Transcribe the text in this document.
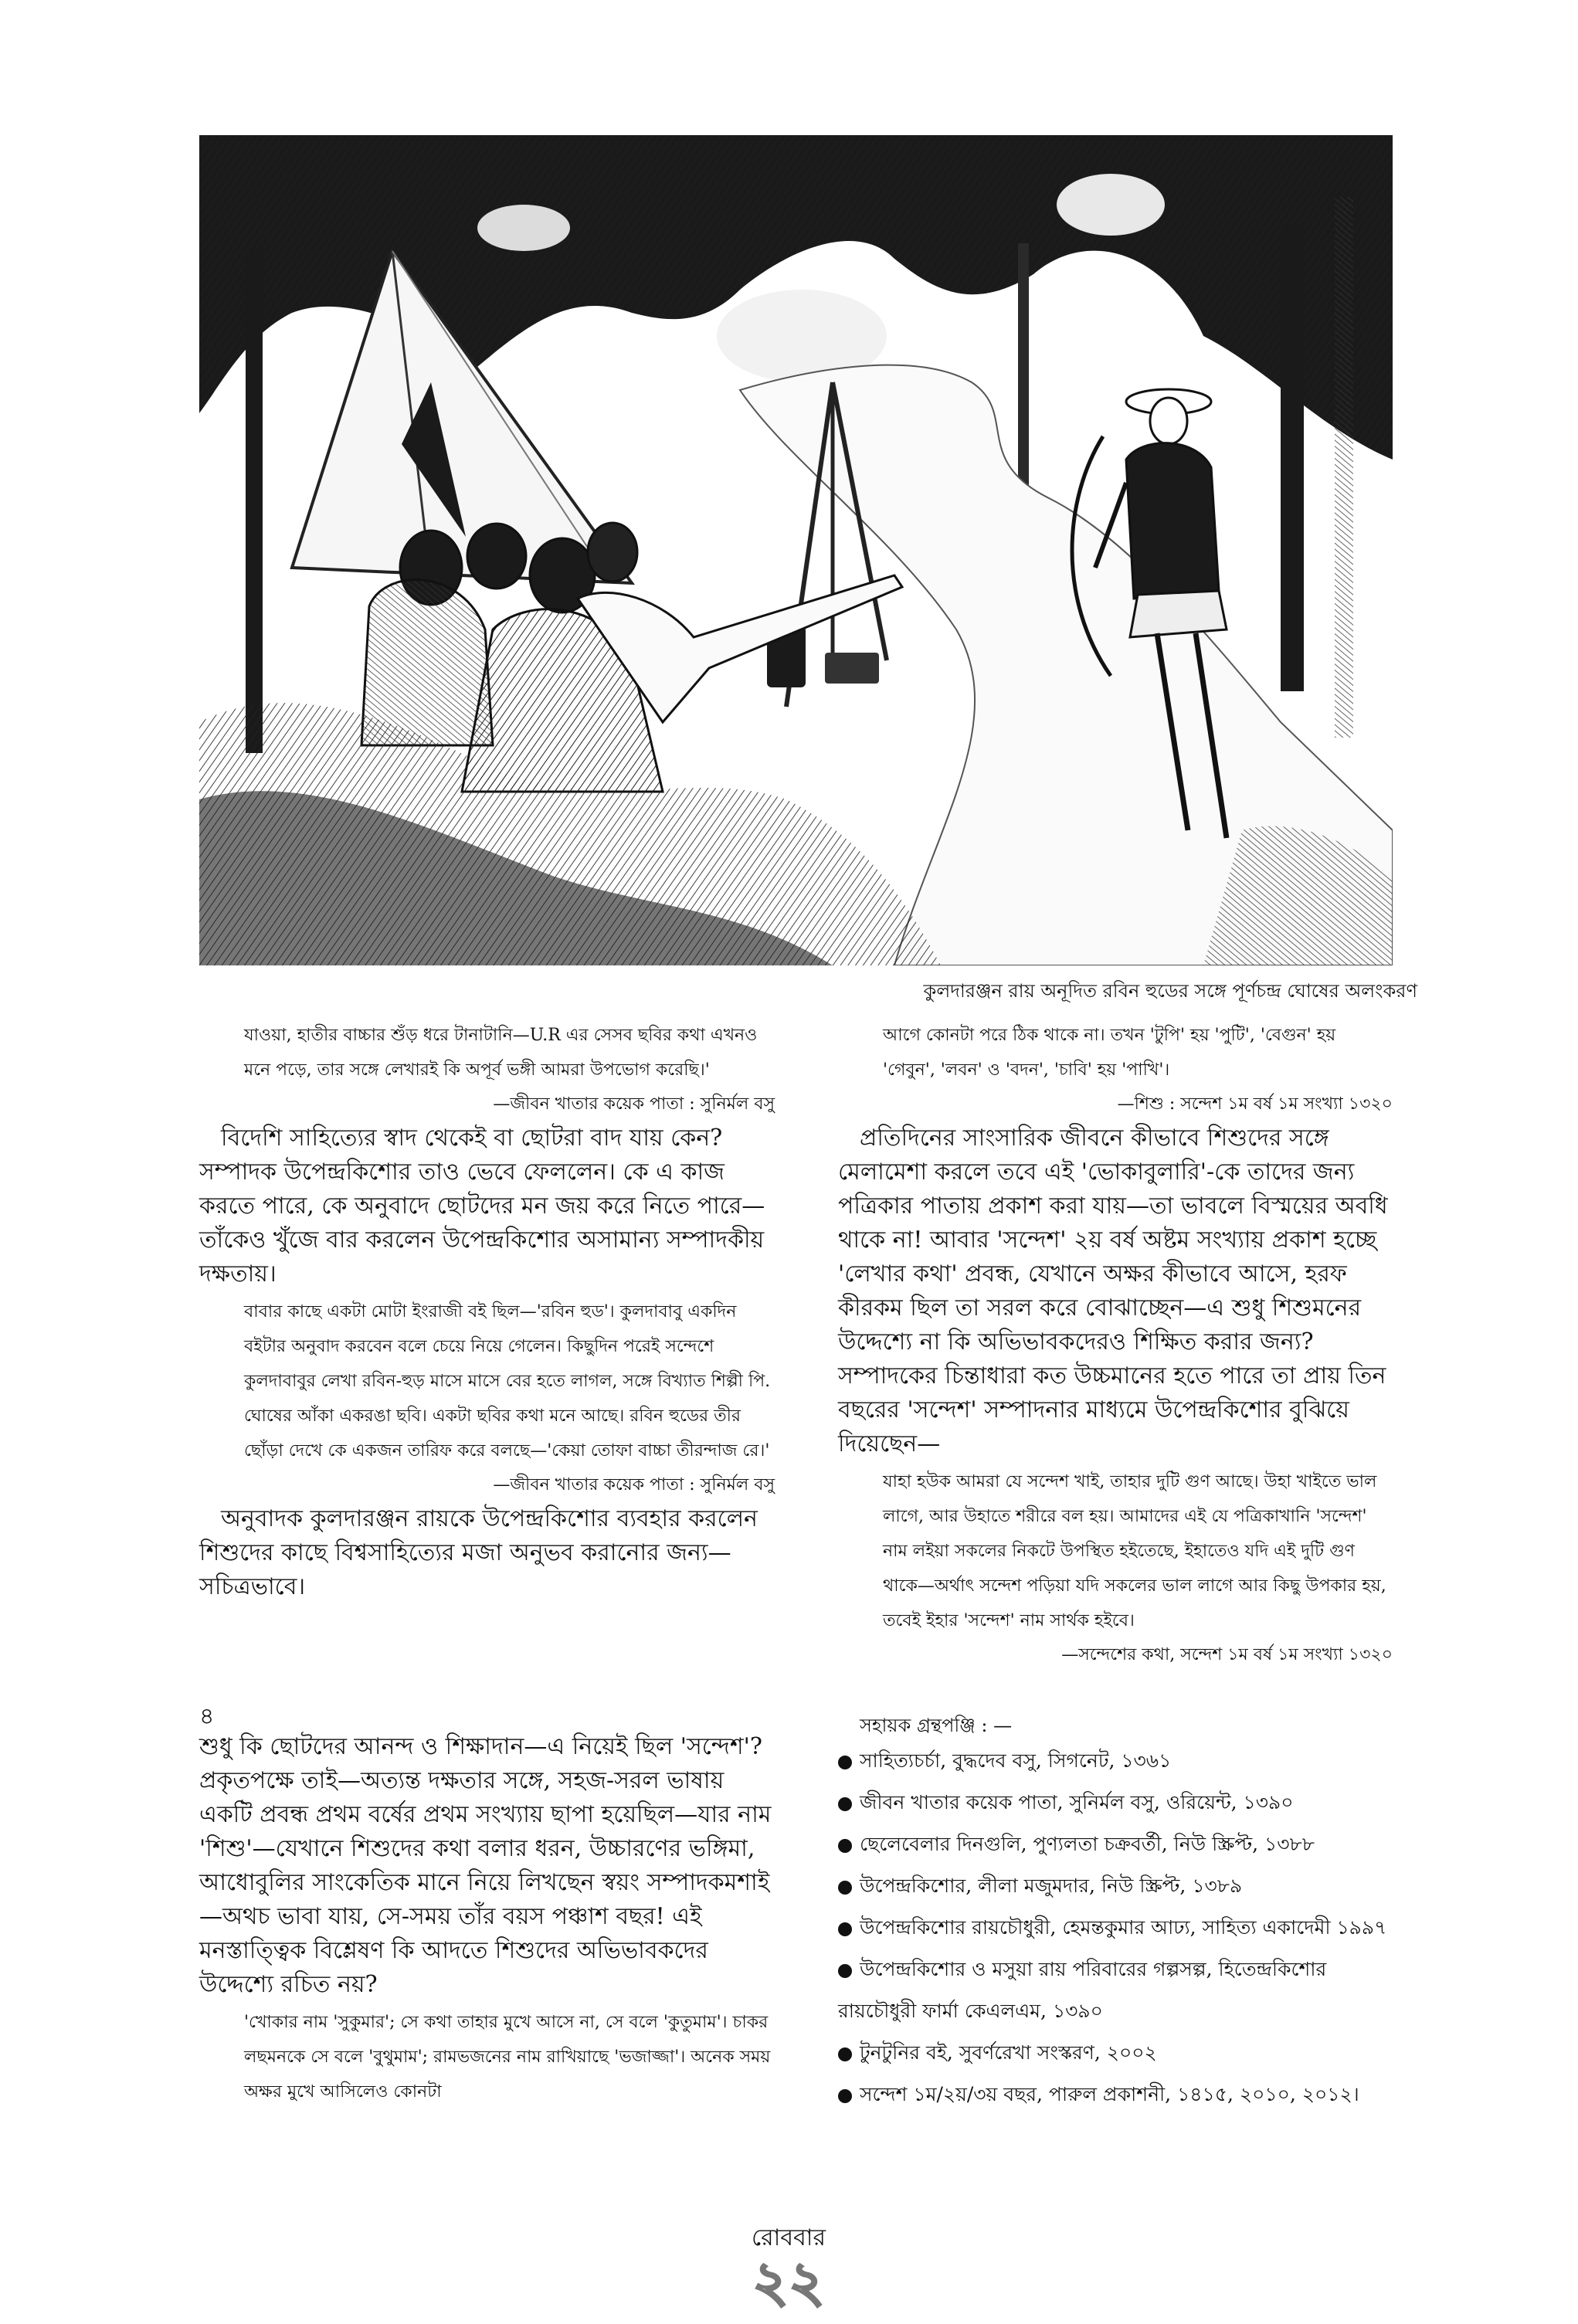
কুলদারঞ্জন রায় অনূদিত রবিন হুডের সঙ্গে পূর্ণচন্দ্র ঘোষের অলংকরণ

যাওয়া, হাতীর বাচ্চার শুঁড় ধরে টানাটানি—U.R এর সেসব ছবির কথা এখনও মনে পড়ে, তার সঙ্গে লেখারই কি অপূর্ব ভঙ্গী আমরা উপভোগ করেছি।'

—জীবন খাতার কয়েক পাতা : সুনির্মল বসু

বিদেশি সাহিত্যের স্বাদ থেকেই বা ছোটরা বাদ যায় কেন? সম্পাদক উপেন্দ্রকিশোর তাও ভেবে ফেললেন। কে এ কাজ করতে পারে, কে অনুবাদে ছোটদের মন জয় করে নিতে পারে—তাঁকেও খুঁজে বার করলেন উপেন্দ্রকিশোর অসামান্য সম্পাদকীয় দক্ষতায়।

বাবার কাছে একটা মোটা ইংরাজী বই ছিল—'রবিন হুড'। কুলদাবাবু একদিন বইটার অনুবাদ করবেন বলে চেয়ে নিয়ে গেলেন। কিছুদিন পরেই সন্দেশে কুলদাবাবুর লেখা রবিন-হুড় মাসে মাসে বের হতে লাগল, সঙ্গে বিখ্যাত শিল্পী পি. ঘোষের আঁকা একরঙা ছবি। একটা ছবির কথা মনে আছে। রবিন হুডের তীর ছোঁড়া দেখে কে একজন তারিফ করে বলছে—'কেয়া তোফা বাচ্চা তীরন্দাজ রে।'

—জীবন খাতার কয়েক পাতা : সুনির্মল বসু

অনুবাদক কুলদারঞ্জন রায়কে উপেন্দ্রকিশোর ব্যবহার করলেন শিশুদের কাছে বিশ্বসাহিত্যের মজা অনুভব করানোর জন্য—সচিত্রভাবে।

৪

শুধু কি ছোটদের আনন্দ ও শিক্ষাদান—এ নিয়েই ছিল 'সন্দেশ'? প্রকৃতপক্ষে তাই—অত্যন্ত দক্ষতার সঙ্গে, সহজ-সরল ভাষায় একটি প্রবন্ধ প্রথম বর্ষের প্রথম সংখ্যায় ছাপা হয়েছিল—যার নাম 'শিশু'—যেখানে শিশুদের কথা বলার ধরন, উচ্চারণের ভঙ্গিমা, আধোবুলির সাংকেতিক মানে নিয়ে লিখছেন স্বয়ং সম্পাদকমশাই—অথচ ভাবা যায়, সে-সময় তাঁর বয়স পঞ্চাশ বছর! এই মনস্তাত্ত্বিক বিশ্লেষণ কি আদতে শিশুদের অভিভাবকদের উদ্দেশ্যে রচিত নয়?

'খোকার নাম 'সুকুমার'; সে কথা তাহার মুখে আসে না, সে বলে 'কুতুমাম'। চাকর লছমনকে সে বলে 'বুথুমাম'; রামভজনের নাম রাখিয়াছে 'ভজাজ্জা'। অনেক সময় অক্ষর মুখে আসিলেও কোনটা

আগে কোনটা পরে ঠিক থাকে না। তখন 'টুপি' হয় 'পুটি', 'বেগুন' হয় 'গেবুন', 'লবন' ও 'বদন', 'চাবি' হয় 'পাখি'।

—শিশু : সন্দেশ ১ম বর্ষ ১ম সংখ্যা ১৩২০

প্রতিদিনের সাংসারিক জীবনে কীভাবে শিশুদের সঙ্গে মেলামেশা করলে তবে এই 'ভোকাবুলারি'-কে তাদের জন্য পত্রিকার পাতায় প্রকাশ করা যায়—তা ভাবলে বিস্ময়ের অবধি থাকে না! আবার 'সন্দেশ' ২য় বর্ষ অষ্টম সংখ্যায় প্রকাশ হচ্ছে 'লেখার কথা' প্রবন্ধ, যেখানে অক্ষর কীভাবে আসে, হরফ কীরকম ছিল তা সরল করে বোঝাচ্ছেন—এ শুধু শিশুমনের উদ্দেশ্যে না কি অভিভাবকদেরও শিক্ষিত করার জন্য? সম্পাদকের চিন্তাধারা কত উচ্চমানের হতে পারে তা প্রায় তিন বছরের 'সন্দেশ' সম্পাদনার মাধ্যমে উপেন্দ্রকিশোর বুঝিয়ে দিয়েছেন—

যাহা হউক আমরা যে সন্দেশ খাই, তাহার দুটি গুণ আছে। উহা খাইতে ভাল লাগে, আর উহাতে শরীরে বল হয়। আমাদের এই যে পত্রিকাখানি 'সন্দেশ' নাম লইয়া সকলের নিকটে উপস্থিত হইতেছে, ইহাতেও যদি এই দুটি গুণ থাকে—অর্থাৎ সন্দেশ পড়িয়া যদি সকলের ভাল লাগে আর কিছু উপকার হয়, তবেই ইহার 'সন্দেশ' নাম সার্থক হইবে।

—সন্দেশের কথা, সন্দেশ ১ম বর্ষ ১ম সংখ্যা ১৩২০

সহায়ক গ্রন্থপঞ্জি : —

সাহিত্যচর্চা, বুদ্ধদেব বসু, সিগনেট, ১৩৬১
জীবন খাতার কয়েক পাতা, সুনির্মল বসু, ওরিয়েন্ট, ১৩৯০
ছেলেবেলার দিনগুলি, পুণ্যলতা চক্রবর্তী, নিউ স্ক্রিপ্ট, ১৩৮৮
উপেন্দ্রকিশোর, লীলা মজুমদার, নিউ স্ক্রিপ্ট, ১৩৮৯
উপেন্দ্রকিশোর রায়চৌধুরী, হেমন্তকুমার আঢ্য, সাহিত্য একাদেমী ১৯৯৭
উপেন্দ্রকিশোর ও মসুয়া রায় পরিবারের গল্পসল্প, হিতেন্দ্রকিশোর রায়চৌধুরী ফার্মা কেএলএম, ১৩৯০
টুনটুনির বই, সুবর্ণরেখা সংস্করণ, ২০০২
সন্দেশ ১ম/২য়/৩য় বছর, পারুল প্রকাশনী, ১৪১৫, ২০১০, ২০১২।
রোববার
২২
